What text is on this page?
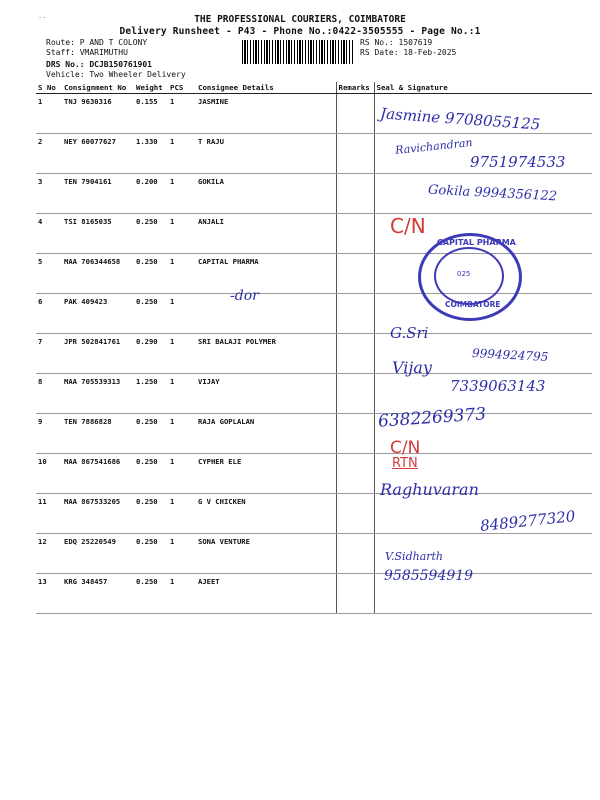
..	THE PROFESSIONAL COURIERS, COIMBATORE
Delivery Runsheet - P43 - Phone No.:0422-3505555 - Page No.:1
Route: P AND T COLONY
Staff: VMARIMUTHU
DRS No.: DCJB150761901
Vehicle: Two Wheeler Delivery
RS No.: 1507619
RS Date: 18-Feb-2025
S No	Consignment No	Weight	PCS	Consignee Details	Remarks	Seal & Signature
1	TNJ 9630316	0.155	1	JASMINE		
2	NEY 60077627	1.330	1	T RAJU		
3	TEN 7904161	0.200	1	GOKILA		
4	TSI 8165035	0.250	1	ANJALI		
5	MAA 706344658	0.250	1	CAPITAL PHARMA		
6	PAK 409423	0.250	1			
7	JPR 502841761	0.290	1	SRI BALAJI POLYMER		
8	MAA 705539313	1.250	1	VIJAY		
9	TEN 7886828	0.250	1	RAJA GOPLALAN		
10	MAA 867541686	0.250	1	CYPHER ELE		
11	MAA 867533205	0.250	1	G V CHICKEN		
12	EDQ 25220549	0.250	1	SONA VENTURE		
13	KRG 348457	0.250	1	AJEET		
Jasmine 9708055125
Ravichandran
9751974533
Gokila 9994356122
C/N
-dor
G.Sri
9994924795
Vijay
7339063143
6382269373
C/N
RTN
Raghuvaran
8489277320
V.Sidharth
9585594919
CAPITAL PHARMA
025
COIMBATORE
